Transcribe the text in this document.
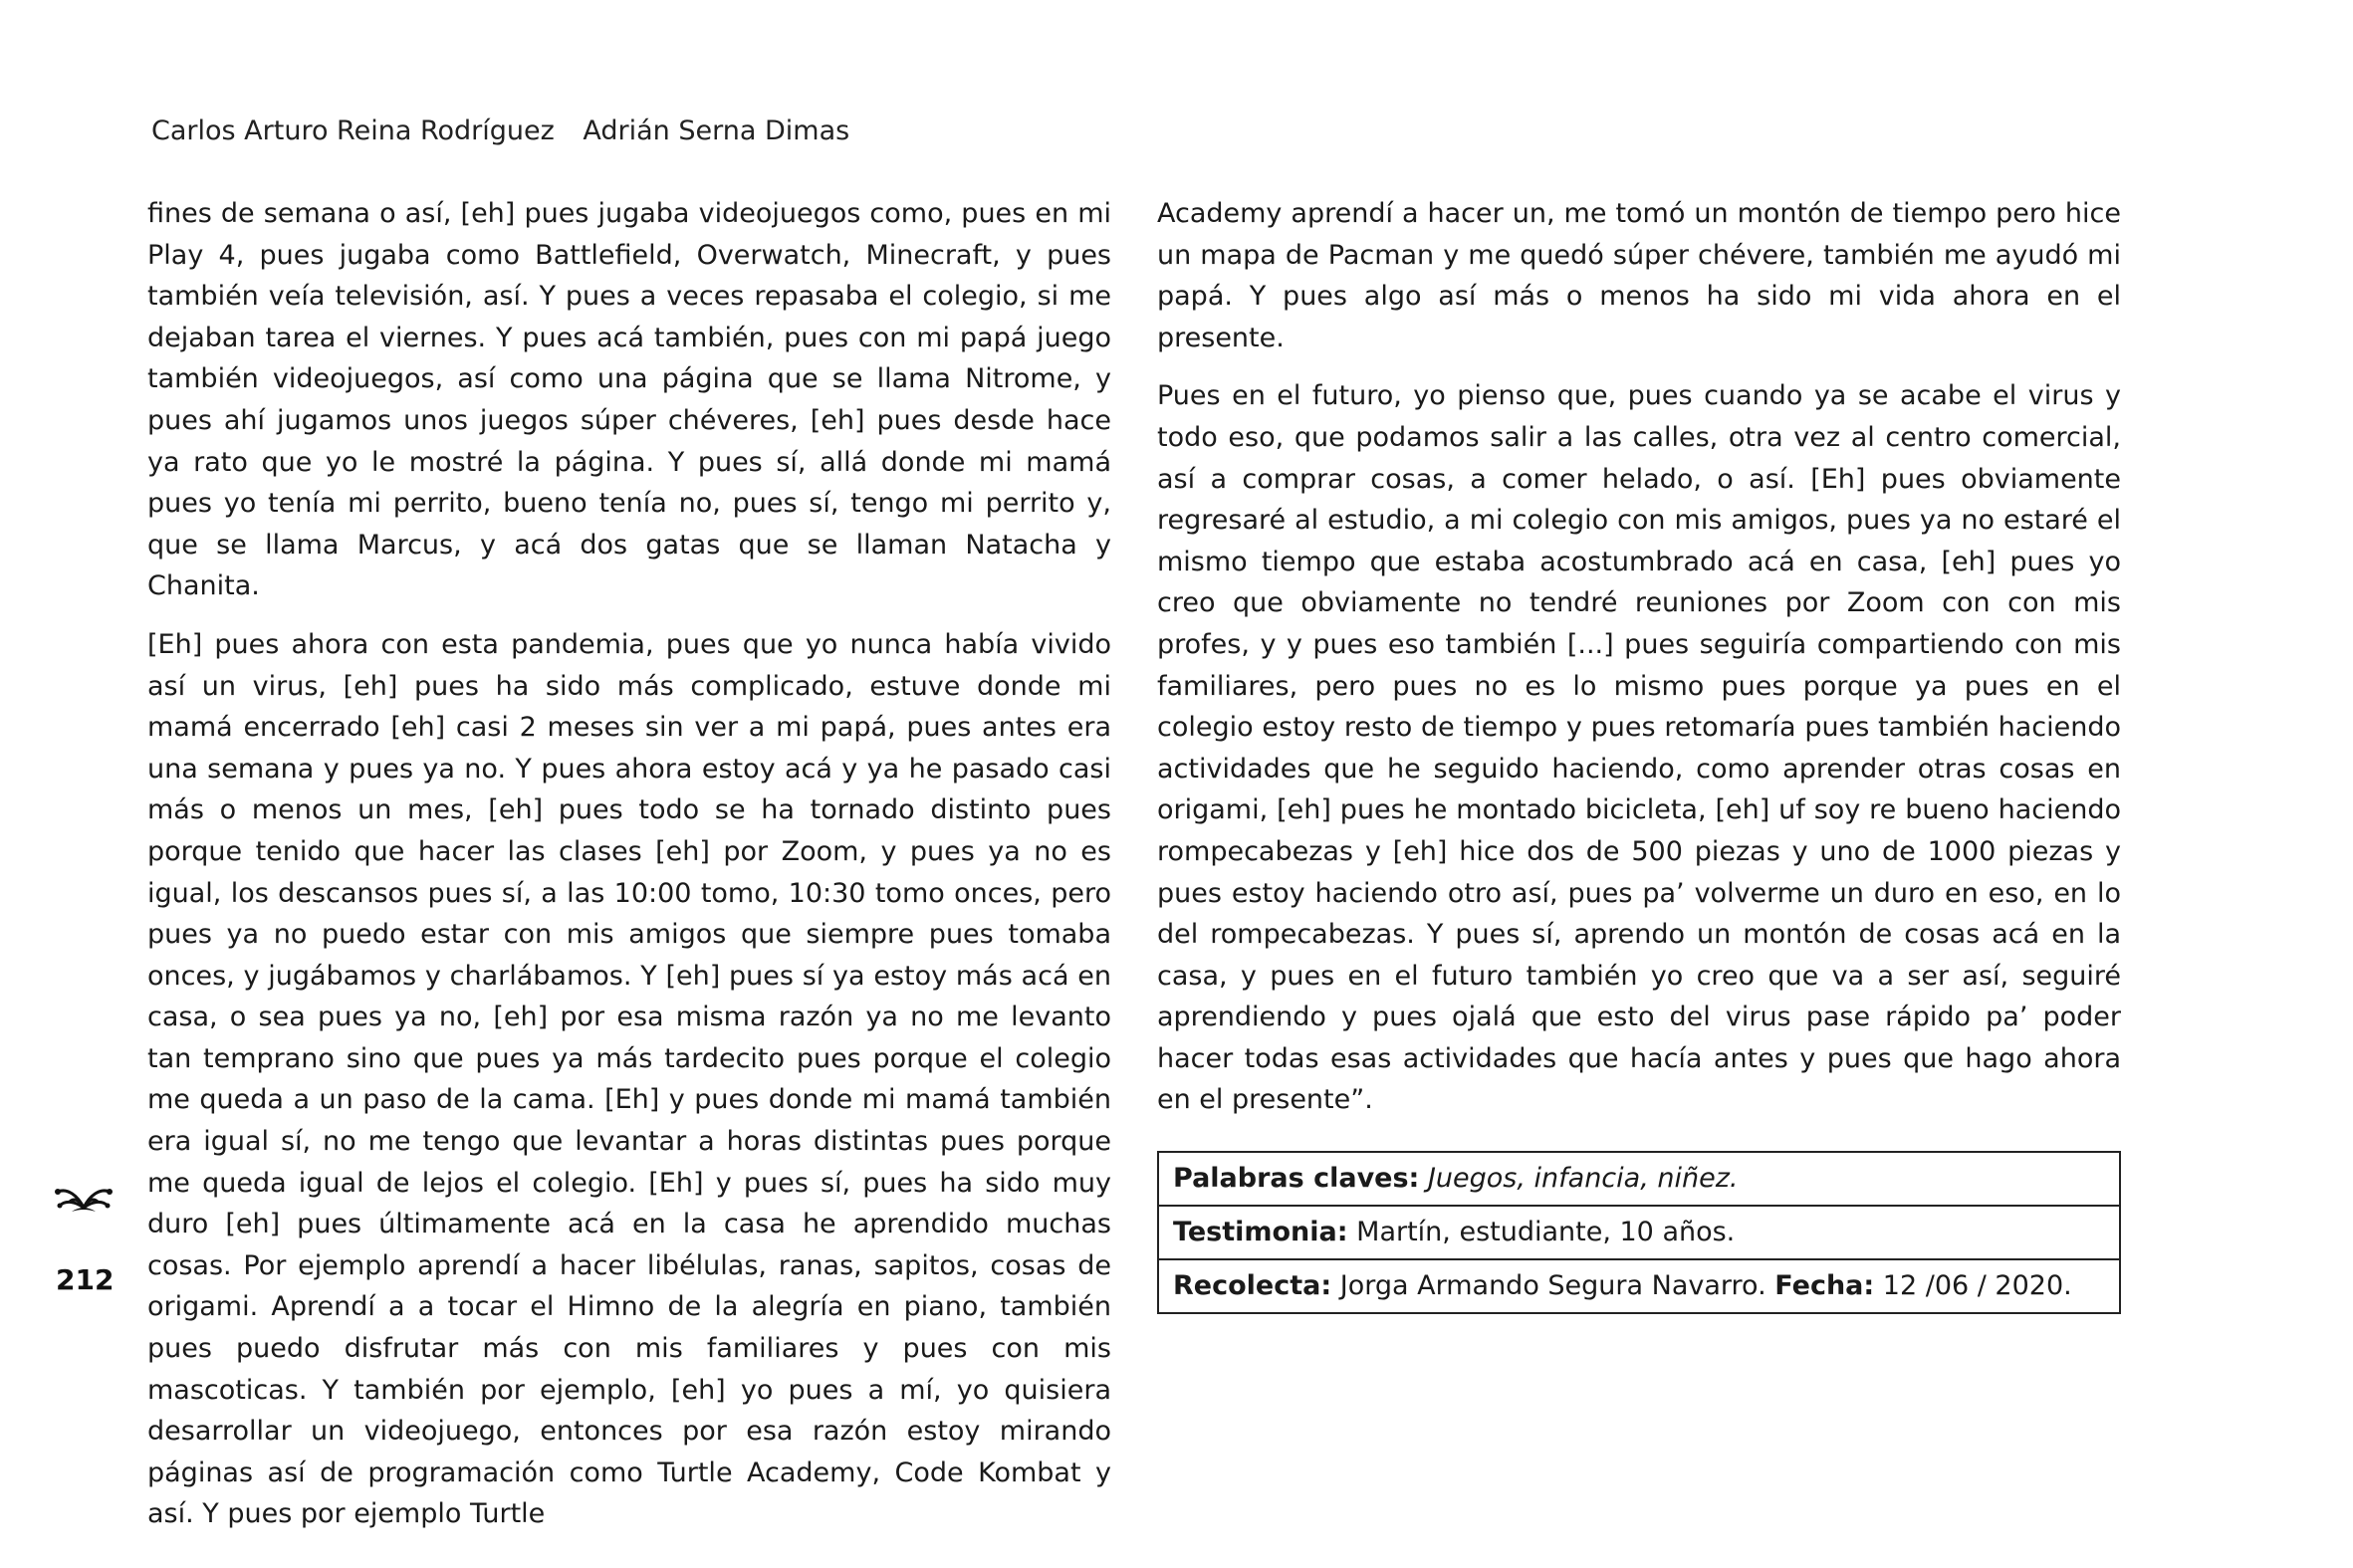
Carlos Arturo Reina Rodríguez Adrián Serna Dimas

fines de semana o así, [eh] pues jugaba videojuegos como, pues en mi Play 4, pues jugaba como Battlefield, Overwatch, Minecraft, y pues también veía televisión, así. Y pues a veces repasaba el colegio, si me dejaban tarea el viernes. Y pues acá también, pues con mi papá juego también videojuegos, así como una página que se llama Nitrome, y pues ahí jugamos unos juegos súper chéveres, [eh] pues desde hace ya rato que yo le mostré la página. Y pues sí, allá donde mi mamá pues yo tenía mi perrito, bueno tenía no, pues sí, tengo mi perrito y, que se llama Marcus, y acá dos gatas que se llaman Natacha y Chanita.

[Eh] pues ahora con esta pandemia, pues que yo nunca había vivido así un virus, [eh] pues ha sido más complicado, estuve donde mi mamá encerrado [eh] casi 2 meses sin ver a mi papá, pues antes era una semana y pues ya no. Y pues ahora estoy acá y ya he pasado casi más o menos un mes, [eh] pues todo se ha tornado distinto pues porque tenido que hacer las clases [eh] por Zoom, y pues ya no es igual, los descansos pues sí, a las 10:00 tomo, 10:30 tomo onces, pero pues ya no puedo estar con mis amigos que siempre pues tomaba onces, y jugábamos y charlábamos. Y [eh] pues sí ya estoy más acá en casa, o sea pues ya no, [eh] por esa misma razón ya no me levanto tan temprano sino que pues ya más tardecito pues porque el colegio me queda a un paso de la cama. [Eh] y pues donde mi mamá también era igual sí, no me tengo que levantar a horas distintas pues porque me queda igual de lejos el colegio. [Eh] y pues sí, pues ha sido muy duro [eh] pues últimamente acá en la casa he aprendido muchas cosas. Por ejemplo aprendí a hacer libélulas, ranas, sapitos, cosas de origami. Aprendí a a tocar el Himno de la alegría en piano, también pues puedo disfrutar más con mis familiares y pues con mis mascoticas. Y también por ejemplo, [eh] yo pues a mí, yo quisiera desarrollar un videojuego, entonces por esa razón estoy mirando páginas así de programación como Turtle Academy, Code Kombat y así. Y pues por ejemplo Turtle

Academy aprendí a hacer un, me tomó un montón de tiempo pero hice un mapa de Pacman y me quedó súper chévere, también me ayudó mi papá. Y pues algo así más o menos ha sido mi vida ahora en el presente.

Pues en el futuro, yo pienso que, pues cuando ya se acabe el virus y todo eso, que podamos salir a las calles, otra vez al centro comercial, así a comprar cosas, a comer helado, o así. [Eh] pues obviamente regresaré al estudio, a mi colegio con mis amigos, pues ya no estaré el mismo tiempo que estaba acostumbrado acá en casa, [eh] pues yo creo que obviamente no tendré reuniones por Zoom con con mis profes, y y pues eso también [...] pues seguiría compartiendo con mis familiares, pero pues no es lo mismo pues porque ya pues en el colegio estoy resto de tiempo y pues retomaría pues también haciendo actividades que he seguido haciendo, como aprender otras cosas en origami, [eh] pues he montado bicicleta, [eh] uf soy re bueno haciendo rompecabezas y [eh] hice dos de 500 piezas y uno de 1000 piezas y pues estoy haciendo otro así, pues pa’ volverme un duro en eso, en lo del rompecabezas. Y pues sí, aprendo un montón de cosas acá en la casa, y pues en el futuro también yo creo que va a ser así, seguiré aprendiendo y pues ojalá que esto del virus pase rápido pa’ poder hacer todas esas actividades que hacía antes y pues que hago ahora en el presente”.

Palabras claves: Juegos, infancia, niñez.
Testimonia: Martín, estudiante, 10 años.
Recolecta: Jorga Armando Segura Navarro. Fecha: 12 /06 / 2020.
212
